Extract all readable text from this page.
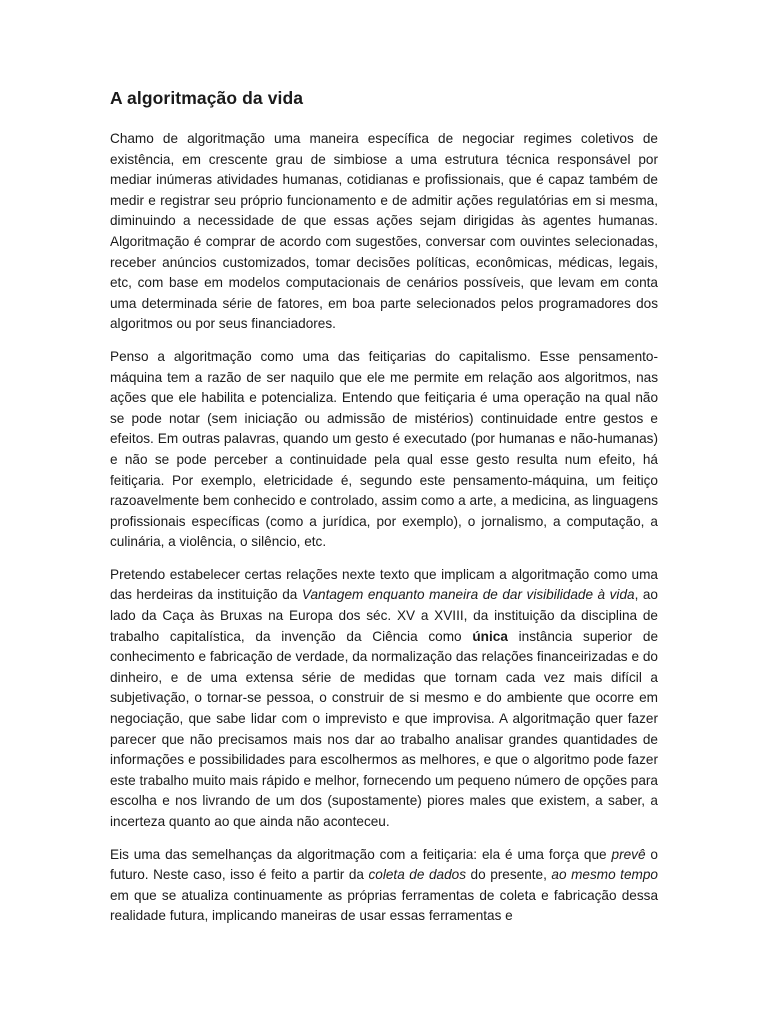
A algoritmação da vida

Chamo de algoritmação uma maneira específica de negociar regimes coletivos de existência, em crescente grau de simbiose a uma estrutura técnica responsável por mediar inúmeras atividades humanas, cotidianas e profissionais, que é capaz também de medir e registrar seu próprio funcionamento e de admitir ações regulatórias em si mesma, diminuindo a necessidade de que essas ações sejam dirigidas às agentes humanas. Algoritmação é comprar de acordo com sugestões, conversar com ouvintes selecionadas, receber anúncios customizados, tomar decisões políticas, econômicas, médicas, legais, etc, com base em modelos computacionais de cenários possíveis, que levam em conta uma determinada série de fatores, em boa parte selecionados pelos programadores dos algoritmos ou por seus financiadores.

Penso a algoritmação como uma das feitiçarias do capitalismo. Esse pensamento-máquina tem a razão de ser naquilo que ele me permite em relação aos algoritmos, nas ações que ele habilita e potencializa. Entendo que feitiçaria é uma operação na qual não se pode notar (sem iniciação ou admissão de mistérios) continuidade entre gestos e efeitos. Em outras palavras, quando um gesto é executado (por humanas e não-humanas) e não se pode perceber a continuidade pela qual esse gesto resulta num efeito, há feitiçaria. Por exemplo, eletricidade é, segundo este pensamento-máquina, um feitiço razoavelmente bem conhecido e controlado, assim como a arte, a medicina, as linguagens profissionais específicas (como a jurídica, por exemplo), o jornalismo, a computação, a culinária, a violência, o silêncio, etc.

Pretendo estabelecer certas relações nexte texto que implicam a algoritmação como uma das herdeiras da instituição da Vantagem enquanto maneira de dar visibilidade à vida, ao lado da Caça às Bruxas na Europa dos séc. XV a XVIII, da instituição da disciplina de trabalho capitalística, da invenção da Ciência como única instância superior de conhecimento e fabricação de verdade, da normalização das relações financeirizadas e do dinheiro, e de uma extensa série de medidas que tornam cada vez mais difícil a subjetivação, o tornar-se pessoa, o construir de si mesmo e do ambiente que ocorre em negociação, que sabe lidar com o imprevisto e que improvisa. A algoritmação quer fazer parecer que não precisamos mais nos dar ao trabalho analisar grandes quantidades de informações e possibilidades para escolhermos as melhores, e que o algoritmo pode fazer este trabalho muito mais rápido e melhor, fornecendo um pequeno número de opções para escolha e nos livrando de um dos (supostamente) piores males que existem, a saber, a incerteza quanto ao que ainda não aconteceu.

Eis uma das semelhanças da algoritmação com a feitiçaria: ela é uma força que prevê o futuro. Neste caso, isso é feito a partir da coleta de dados do presente, ao mesmo tempo em que se atualiza continuamente as próprias ferramentas de coleta e fabricação dessa realidade futura, implicando maneiras de usar essas ferramentas e
